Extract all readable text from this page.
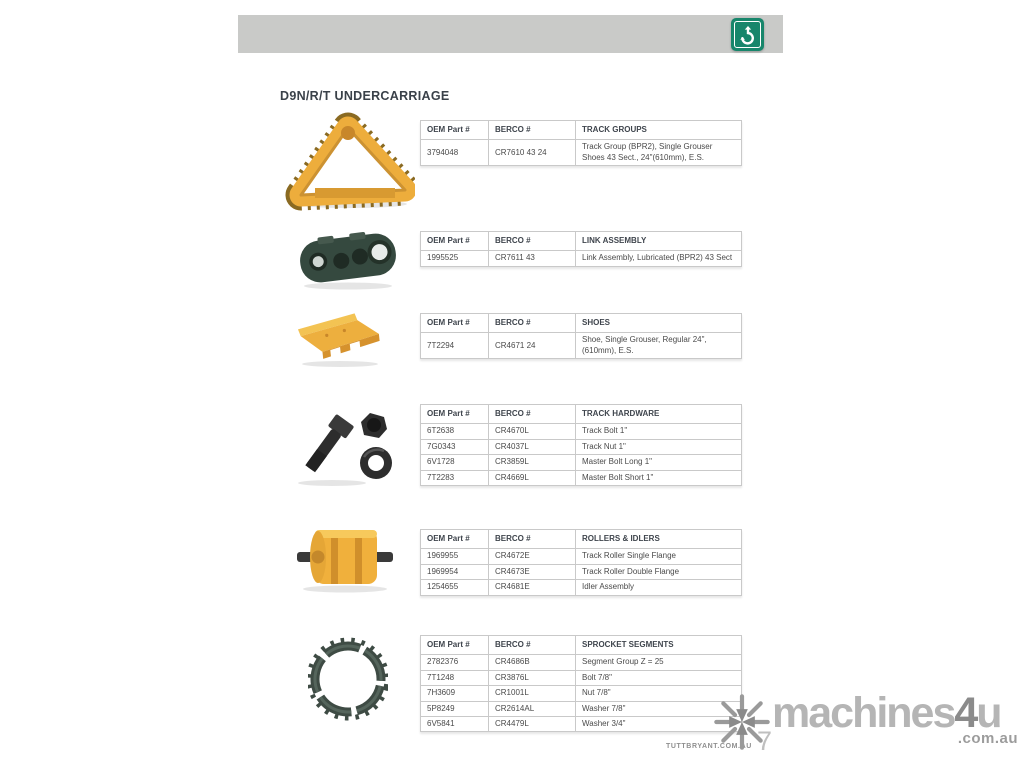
D9N/R/T UNDERCARRIAGE
OEM Part #	BERCO #	TRACK GROUPS
3794048	CR7610 43 24	Track Group (BPR2), Single Grouser Shoes 43 Sect., 24"(610mm), E.S.
OEM Part #	BERCO #	LINK ASSEMBLY
1995525	CR7611 43	Link Assembly, Lubricated (BPR2) 43 Sect
OEM Part #	BERCO #	SHOES
7T2294	CR4671 24	Shoe, Single Grouser, Regular 24", (610mm), E.S.
OEM Part #	BERCO #	TRACK HARDWARE
6T2638	CR4670L	Track Bolt 1"
7G0343	CR4037L	Track Nut 1"
6V1728	CR3859L	Master Bolt Long 1"
7T2283	CR4669L	Master Bolt Short 1"
OEM Part #	BERCO #	ROLLERS & IDLERS
1969955	CR4672E	Track Roller Single Flange
1969954	CR4673E	Track Roller Double Flange
1254655	CR4681E	Idler Assembly
OEM Part #	BERCO #	SPROCKET SEGMENTS
2782376	CR4686B	Segment Group Z = 25
7T1248	CR3876L	Bolt 7/8"
7H3609	CR1001L	Nut 7/8"
5P8249	CR2614AL	Washer 7/8"
6V5841	CR4479L	Washer 3/4"
TUTTBRYANT.COM.AU 7
machines4u
.com.au
